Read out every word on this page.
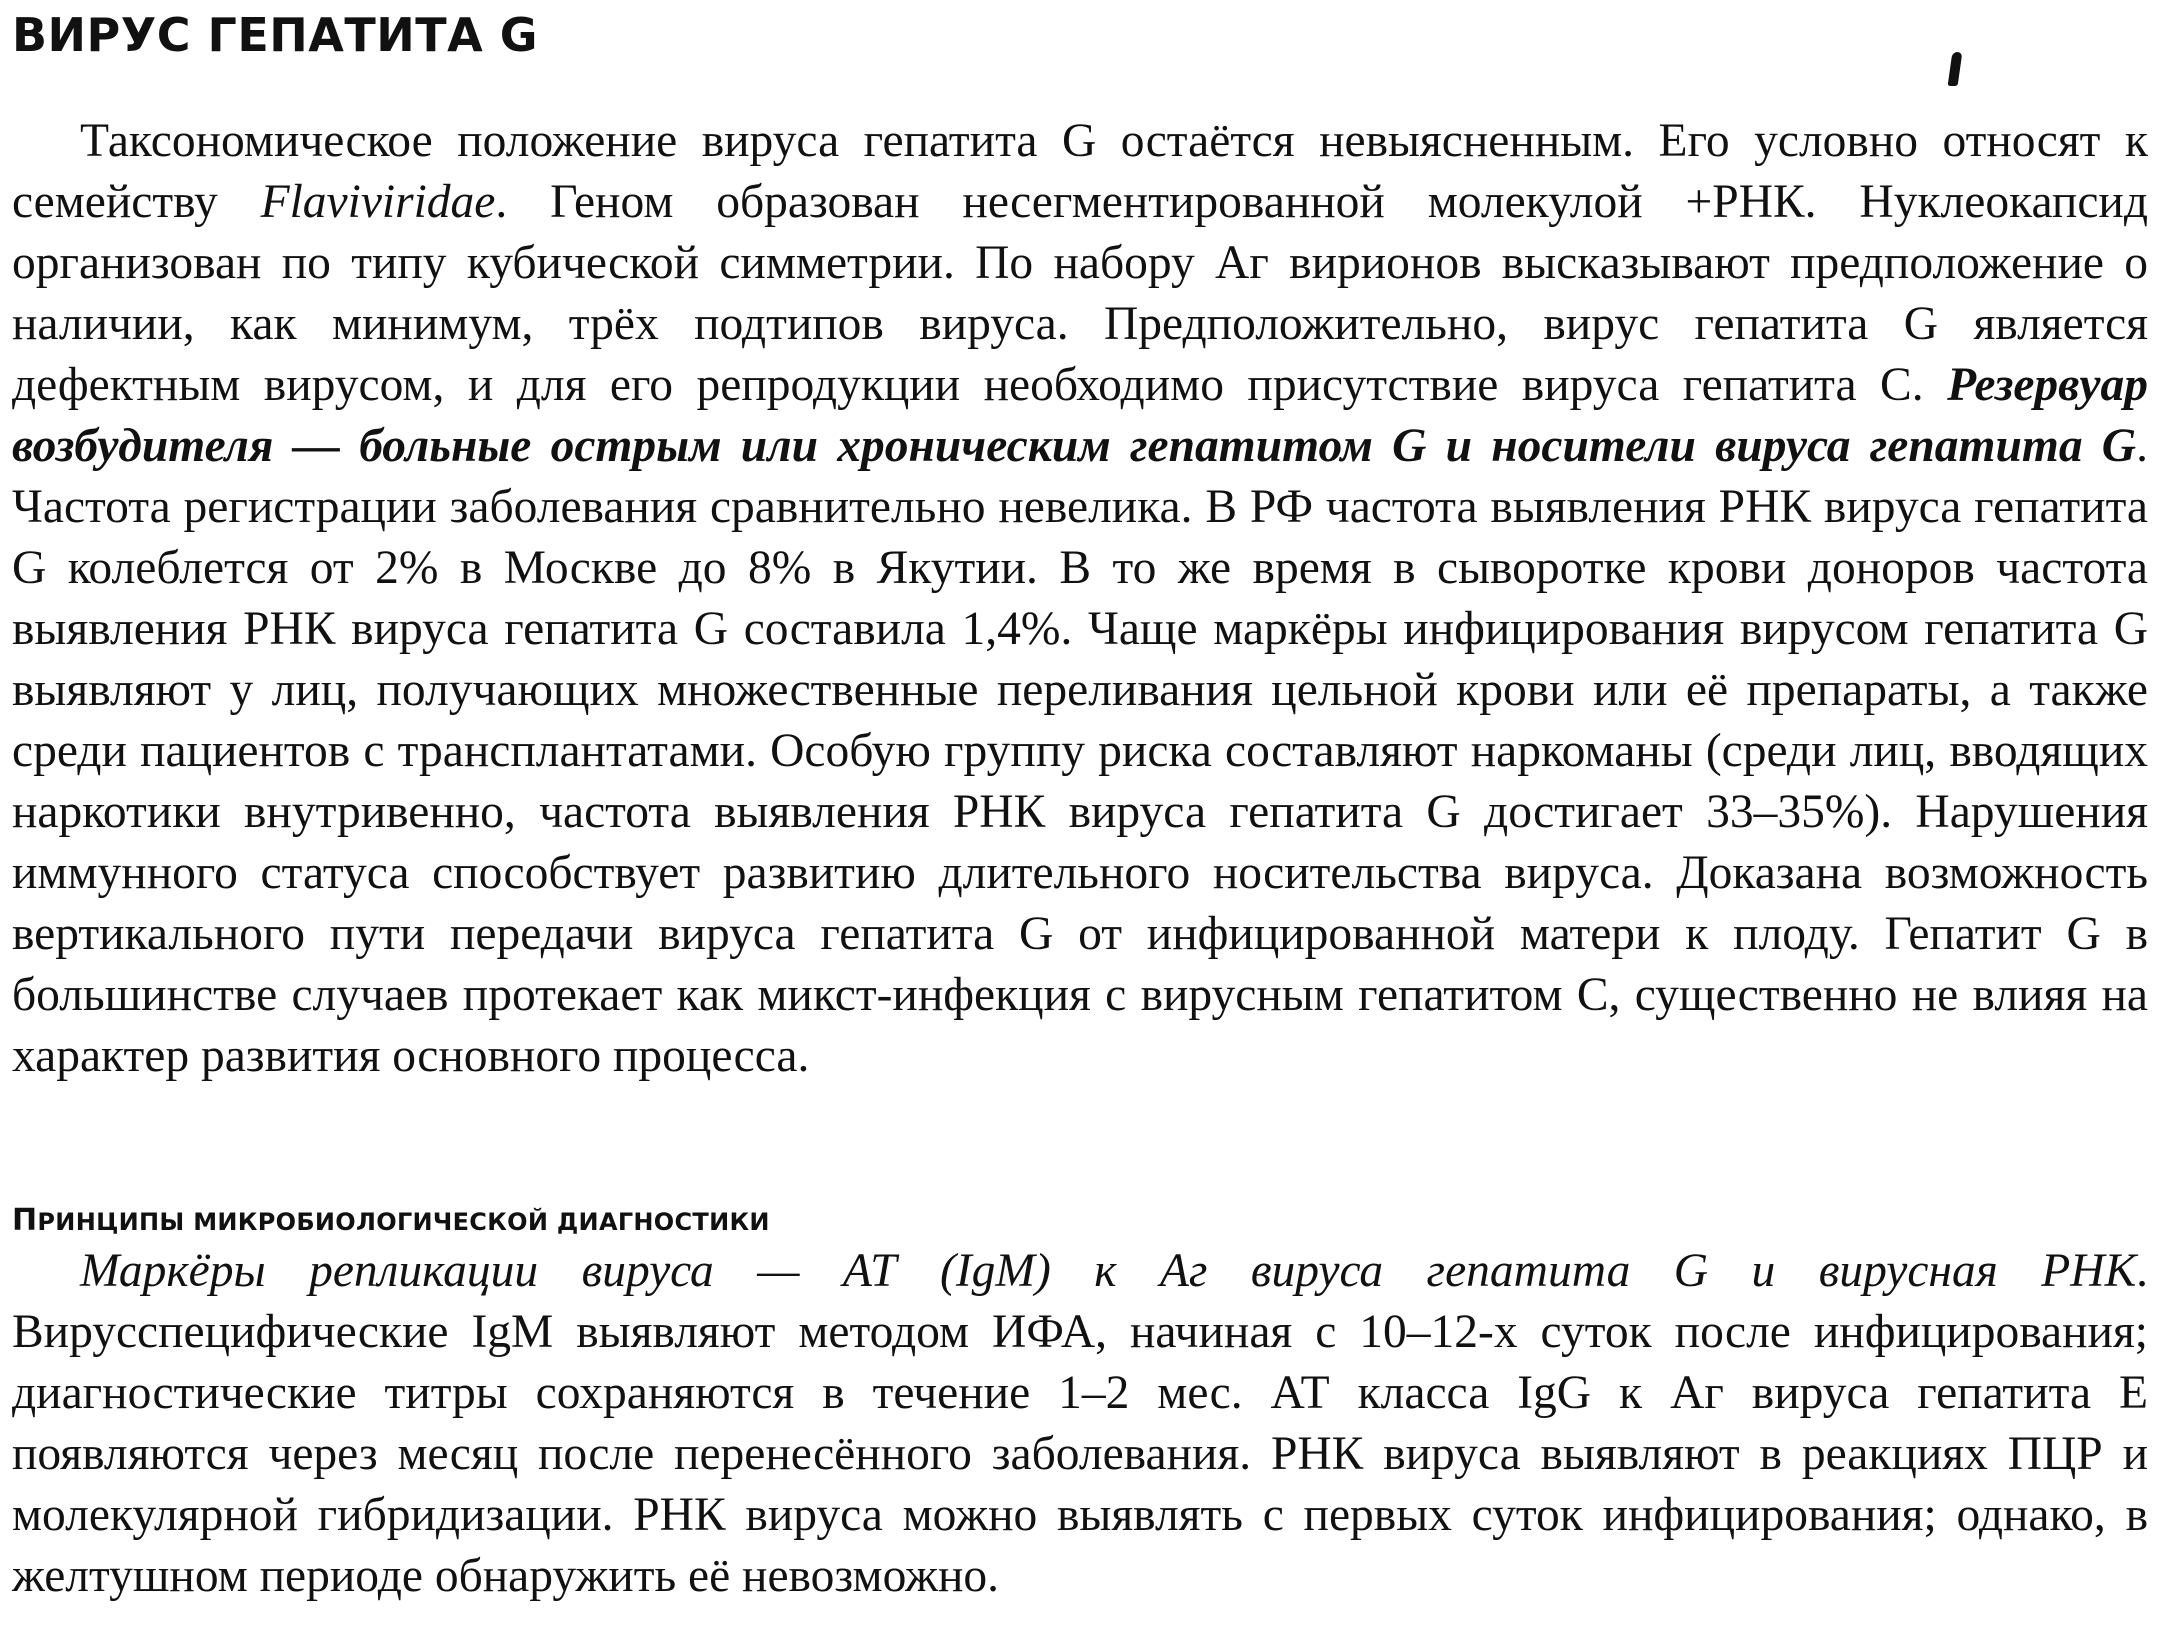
ВИРУС ГЕПАТИТА G

Таксономическое положение вируса гепатита G остаётся невыясненным. Его условно относят к семейству Flaviviridae. Геном образован несегментированной молекулой +РНК. Нуклеокапсид организован по типу кубической симметрии. По набору Аг вирионов высказывают предположение о наличии, как минимум, трёх подтипов вируса. Предположительно, вирус гепатита G является дефектным вирусом, и для его репродукции необходимо присутствие вируса гепатита С. Резервуар возбудителя — больные острым или хроническим гепатитом G и носители вируса гепатита G. Частота регистрации заболевания сравнительно невелика. В РФ частота выявления РНК вируса гепатита G колеблется от 2% в Москве до 8% в Якутии. В то же время в сыворотке крови доноров частота выявления РНК вируса гепатита G составила 1,4%. Чаще маркёры инфицирования вирусом гепатита G выявляют у лиц, получающих множественные переливания цельной крови или её препараты, а также среди пациентов с трансплантатами. Особую группу риска составляют наркоманы (среди лиц, вводящих наркотики внутривенно, частота выявления РНК вируса гепатита G достигает 33–35%). Нарушения иммунного статуса способствует развитию длительного носительства вируса. Доказана возможность вертикального пути передачи вируса гепатита G от инфицированной матери к плоду. Гепатит G в большинстве случаев протекает как микст-инфекция с вирусным гепатитом С, существенно не влияя на характер развития основного процесса.

ПРИНЦИПЫ МИКРОБИОЛОГИЧЕСКОЙ ДИАГНОСТИКИ

Маркёры репликации вируса — АТ (IgM) к Аг вируса гепатита G и вирусная РНК. Вирусспецифические IgM выявляют методом ИФА, начиная с 10–12-х суток после инфицирования; диагностические титры сохраняются в течение 1–2 мес. АТ класса IgG к Аг вируса гепатита Е появляются через месяц после перенесённого заболевания. РНК вируса выявляют в реакциях ПЦР и молекулярной гибридизации. РНК вируса можно выявлять с первых суток инфицирования; однако, в желтушном периоде обнаружить её невозможно.
